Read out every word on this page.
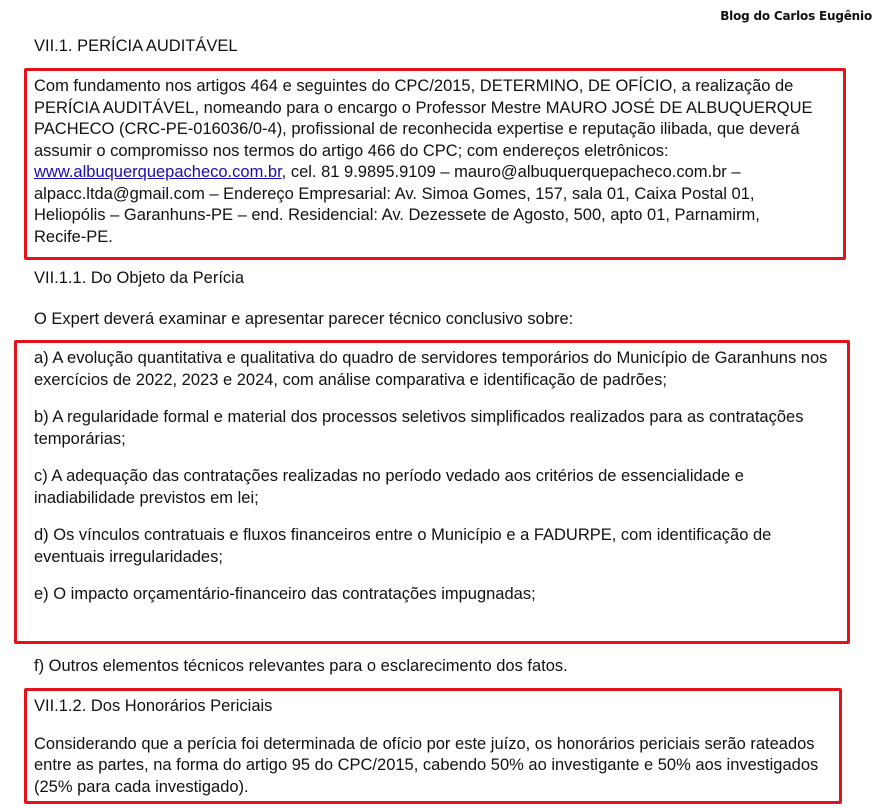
Blog do Carlos Eugênio
VII.1. PERÍCIA AUDITÁVEL

Com fundamento nos artigos 464 e seguintes do CPC/2015, DETERMINO, DE OFÍCIO, a realização de PERÍCIA AUDITÁVEL, nomeando para o encargo o Professor Mestre MAURO JOSÉ DE ALBUQUERQUE PACHECO (CRC-PE-016036/0-4), profissional de reconhecida expertise e reputação ilibada, que deverá assumir o compromisso nos termos do artigo 466 do CPC; com endereços eletrônicos: www.albuquerquepacheco.com.br, cel. 81 9.9895.9109 – mauro@albuquerquepacheco.com.br – alpacc.ltda@gmail.com – Endereço Empresarial: Av. Simoa Gomes, 157, sala 01, Caixa Postal 01, Heliopólis – Garanhuns-PE – end. Residencial: Av. Dezessete de Agosto, 500, apto 01, Parnamirm, Recife-PE.

VII.1.1. Do Objeto da Perícia
O Expert deverá examinar e apresentar parecer técnico conclusivo sobre:

a) A evolução quantitativa e qualitativa do quadro de servidores temporários do Município de Garanhuns nos exercícios de 2022, 2023 e 2024, com análise comparativa e identificação de padrões;

b) A regularidade formal e material dos processos seletivos simplificados realizados para as contratações temporárias;

c) A adequação das contratações realizadas no período vedado aos critérios de essencialidade e inadiabilidade previstos em lei;

d) Os vínculos contratuais e fluxos financeiros entre o Município e a FADURPE, com identificação de eventuais irregularidades;

e) O impacto orçamentário-financeiro das contratações impugnadas;

f) Outros elementos técnicos relevantes para o esclarecimento dos fatos.

VII.1.2. Dos Honorários Periciais

Considerando que a perícia foi determinada de ofício por este juízo, os honorários periciais serão rateados entre as partes, na forma do artigo 95 do CPC/2015, cabendo 50% ao investigante e 50% aos investigados (25% para cada investigado).
